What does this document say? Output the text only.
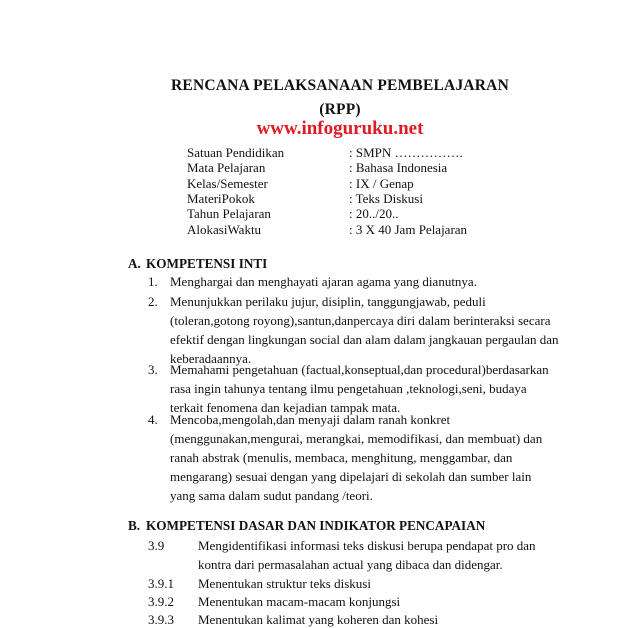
RENCANA PELAKSANAAN PEMBELAJARAN
(RPP)
www.infoguruku.net
Satuan Pendidikan	: SMPN …………….
Mata Pelajaran	: Bahasa Indonesia
Kelas/Semester	: IX / Genap
MateriPokok	: Teks Diskusi
Tahun Pelajaran	: 20../20..
AlokasiWaktu	: 3 X 40 Jam Pelajaran
A. KOMPETENSI INTI
1. Menghargai dan menghayati ajaran agama yang dianutnya.
2. Menunjukkan perilaku jujur, disiplin, tanggungjawab, peduli
(toleran,gotong royong),santun,danpercaya diri dalam berinteraksi secara
efektif dengan lingkungan social dan alam dalam jangkauan pergaulan dan
keberadaannya.
3. Memahami pengetahuan (factual,konseptual,dan procedural)berdasarkan
rasa ingin tahunya tentang ilmu pengetahuan ,teknologi,seni, budaya
terkait fenomena dan kejadian tampak mata.
4. Mencoba,mengolah,dan menyaji dalam ranah konkret
(menggunakan,mengurai, merangkai, memodifikasi, dan membuat) dan
ranah abstrak (menulis, membaca, menghitung, menggambar, dan
mengarang) sesuai dengan yang dipelajari di sekolah dan sumber lain
yang sama dalam sudut pandang /teori.
B. KOMPETENSI DASAR DAN INDIKATOR PENCAPAIAN
3.9	Mengidentifikasi informasi teks diskusi berupa pendapat pro dan
kontra dari permasalahan actual yang dibaca dan didengar.
3.9.1 Menentukan struktur teks diskusi
3.9.2 Menentukan macam-macam konjungsi
3.9.3 Menentukan kalimat yang koheren dan kohesi
